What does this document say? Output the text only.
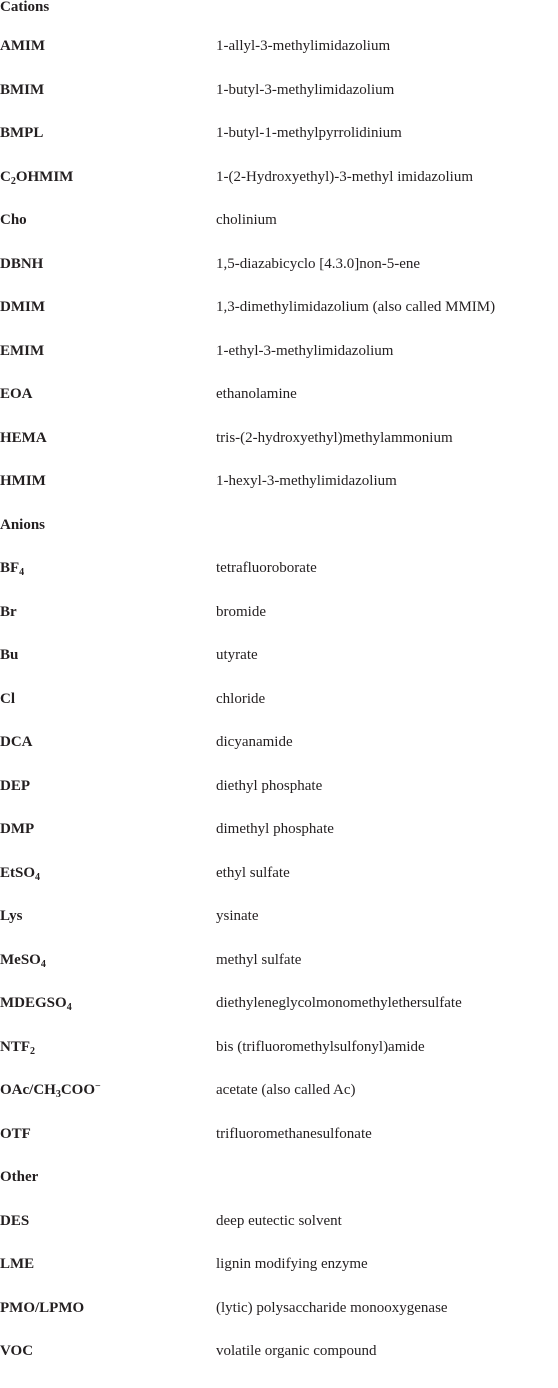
Cations
AMIM	1-allyl-3-methylimidazolium
BMIM	1-butyl-3-methylimidazolium
BMPL	1-butyl-1-methylpyrrolidinium
$C_2OHMIM$	1-(2-Hydroxyethyl)-3-methyl imidazolium
Cho	cholinium
DBNH	1,5-diazabicyclo [4.3.0]non-5-ene
DMIM	1,3-dimethylimidazolium (also called MMIM)
EMIM	1-ethyl-3-methylimidazolium
EOA	ethanolamine
HEMA	tris-(2-hydroxyethyl)methylammonium
HMIM	1-hexyl-3-methylimidazolium
Anions
$BF_4$	tetrafluoroborate
Br	bromide
Bu	utyrate
Cl	chloride
DCA	dicyanamide
DEP	diethyl phosphate
DMP	dimethyl phosphate
EtSO$_4$	ethyl sulfate
Lys	ysinate
MeSO$_4$	methyl sulfate
$MDEGSO_4$	diethyleneglycolmonomethylethersulfate
$NTF_2$	bis (trifluoromethylsulfonyl)amide
OAc/$CH_3COO^-$	acetate (also called Ac)
OTF	trifluoromethanesulfonate
Other
DES	deep eutectic solvent
LME	lignin modifying enzyme
PMO/LPMO	(lytic) polysaccharide monooxygenase
VOC	volatile organic compound
